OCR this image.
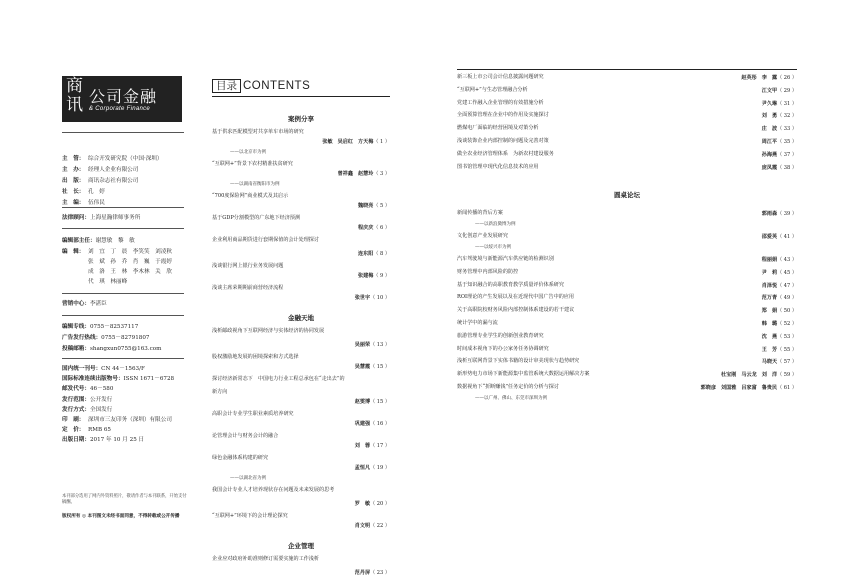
商
讯 公司金融
& Corporate Finance
主　管： 综合开发研究院（中国·深圳）
主　办： 经理人企业有限公司
出　版： 商讯杂志社有限公司
社　长： 孔　婷
主　编： 伍伟民
法律顾问：上海星瀚律师事务所
编辑部主任：谢慧敏　黎　敏
编　辑： 刘　宜　丁　晨　李笑笑　刘凌秋
张　斌　孙　乔　肖　巍　于霞婷
成　洛　王　林　李木林　关　欣
代　琪　林丽峰
营销中心：李湛臣
编辑专线：0755－82537117
广告发行热线：0755－82791807
投稿邮箱：shangxun0755@163.com
国内统一刊号：CN 44－1563/F
国际标准连续出版物号：ISSN 1671－6728
邮发代号：46－580
发行范围：公开发行
发行方式：全国发行
印　刷： 深圳市三友印务（深圳）有限公司
定　价： RMB 65
出版日期：2017 年 10 月 25 日
本刊部分选用了网内外资料照片，敬请作者与本刊联系，开始支付稿酬。
版权所有 ◎ 本刊图文未经书面同意，不得转载或公开传播
目录 CONTENTS
案例分享
基于供求匹配模型对共享单车市场的研究
张敏　吴启红　方天梅（ 1 ）
——以北京市为例
“互联网+”背景下农村精准扶贫研究
曾祥鑫　赵慧玲（ 3 ）
——以湖南省衡阳市为例
“700度保险网”商业模式及其启示
魏晓亮（ 5 ）
基于GDP分割模型的广东地下经济预测
程庆庆（ 6 ）
企业利用商品期货进行套期保值的会计处理探讨
连东阳（ 8 ）
浅谈银行网上银行业务发展问题
张建梅（ 9 ）
浅谈主席荣期期前商营经济流程
张世宇（ 10 ）
金融天地
浅析邮政视角下互联网经济与实体经济的协同发展
吴丽荣（ 13 ）
股权激励地发展的困境探索和方式选择
吴慧霞（ 15 ）
探讨经济新常态下　中国电力行业工程总承包在“走出去”的
新方向
赵雯博（ 15 ）
高职会计专业学生职业素质培养研究
巩建强（ 16 ）
论管理会计与财务会计的融合
刘　蓉（ 17 ）
绿色金融体系构建的研究
孟恒凡（ 19 ）
——以湖北省为例
我国会计专业人才培养现状存在问题及未来发展的思考
罗　敏（ 20 ）
“互联网+”环境下的会计理论探究
肖文明（ 22 ）
企业管理
企业应对政府补助准则修订需要实施的工作浅析
范丹屏（ 23 ）
新三板上市公司会计信息披露问题研究	赵英彤　李　露（ 26 ）
“互联网+”与生态管理融合分析	江文甲（ 29 ）
党建工作融入企业管理的有效措施分析	尹久琳（ 31 ）
全面预算管理在企业中的作用及实施探讨	刘　勇（ 32 ）
燃煤电厂面临的经营困境及对策分析	庄　波（ 33 ）
浅谈装饰企业内部控制的问题及完善对策	周江平（ 35 ）
做全农业经济管理体系　为新农村建设服务	孙海燕（ 37 ）
图书馆管理中现代化信息技术的应用	庞凤霞（ 38 ）
圆桌论坛
新闻传播的背后方案	郭雨森（ 39 ）
——以新浪微博为例
文化创意产业发展研究	邵爱英（ 41 ）
——以绥兴市为例
汽车驾驶境与新能源汽车供应链的检测识别	程丽娟（ 43 ）
财务管理中内部风险的防控	尹　莉（ 45 ）
基于知识融合的高职教育教学质量评价体系研究	肖泽悦（ 47 ）
ROI理论的产生发展以及在近现代中国广告中的应用	范万青（ 49 ）
关于高职院校财务风险内部控制体系建设的若干建议	郑　娟（ 50 ）
统计学中的漏与流	韩　璐（ 52 ）
旅游管理专业学生的创新创业教育研究	沈　燕（ 53 ）
时间成本视角下的办公家务任务协调研究	王　芳（ 55 ）
浅析互联网背景下实体书籍的设计审美现状与趋势研究	马晓天（ 57 ）
新形势电力市场下新能源集中监管系统大数据运用解决方案	杜宝刚　马云龙　刘　洋（ 59 ）
数据视角下“折断赚钱”任务定价的分析与探讨	郭晓彦　刘国雅　吕家富　鲁贵民（ 61 ）
——以广州、佛山、东莞市深圳为例
